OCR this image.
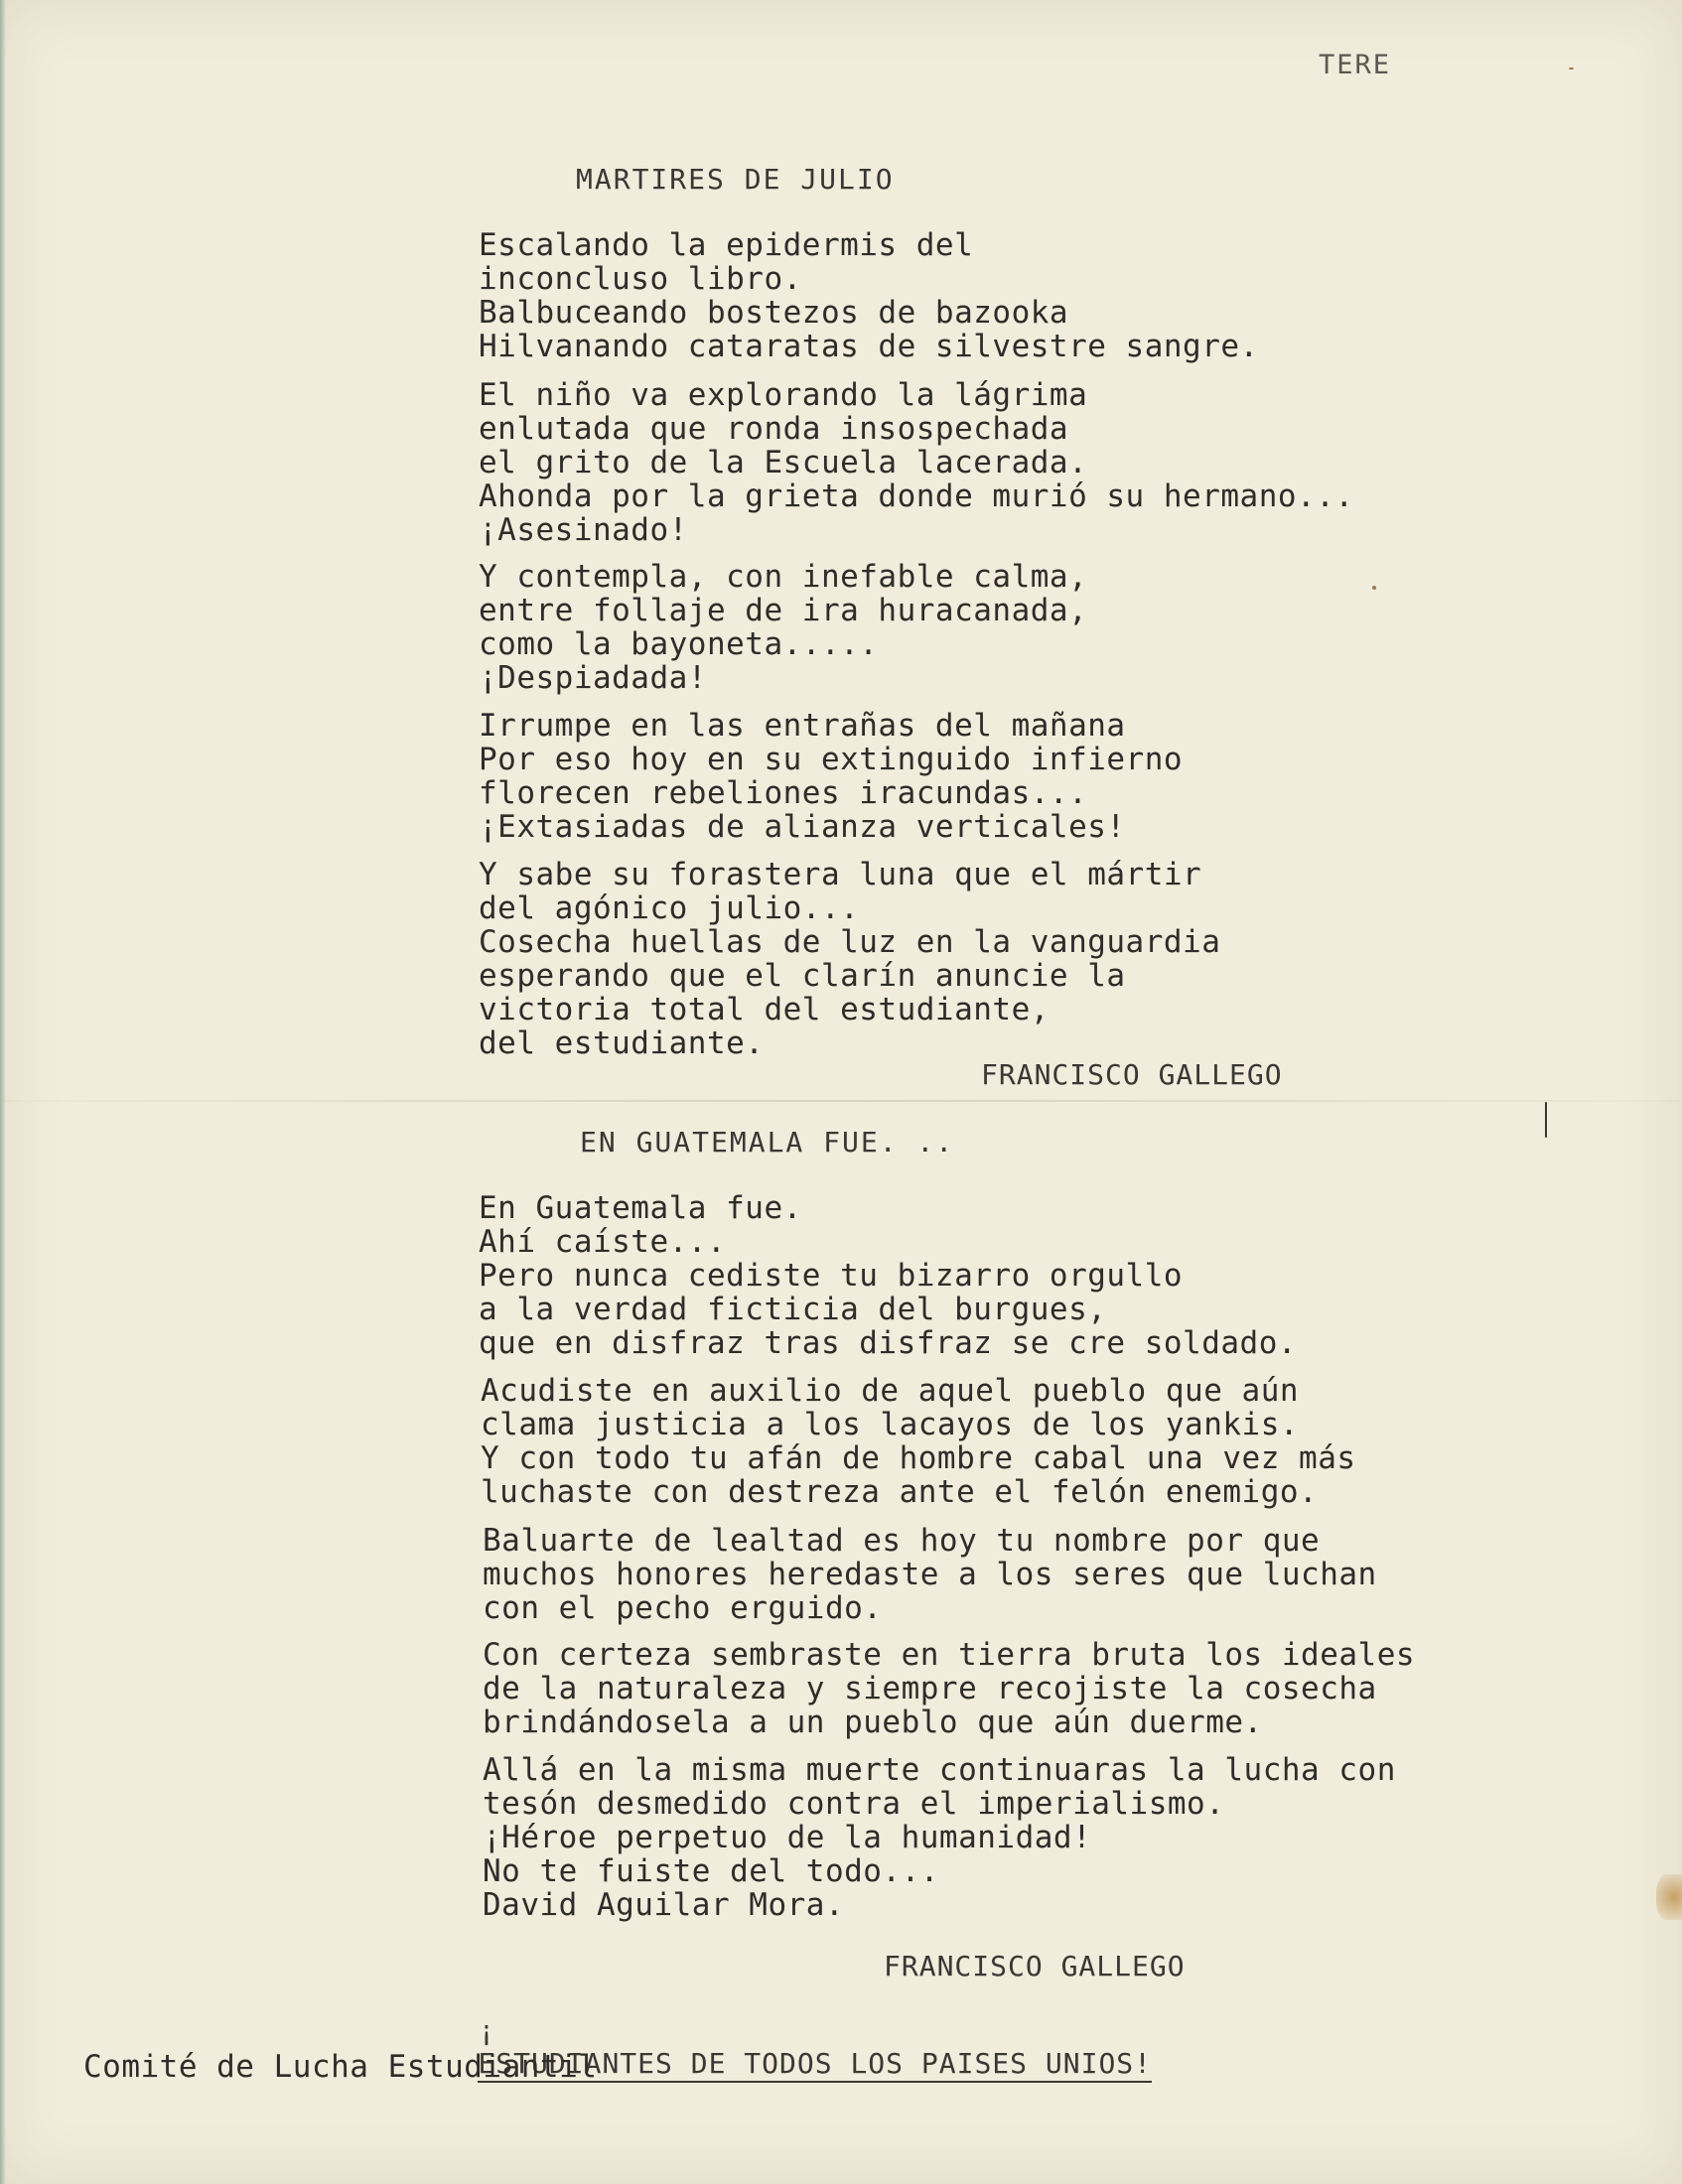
TERE
MARTIRES DE JULIO
Escalando la epidermis del
inconcluso libro.
Balbuceando bostezos de bazooka
Hilvanando cataratas de silvestre sangre.
El niño va explorando la lágrima
enlutada que ronda insospechada
el grito de la Escuela lacerada.
Ahonda por la grieta donde murió su hermano...
¡Asesinado!
Y contempla, con inefable calma,
entre follaje de ira huracanada,
como la bayoneta.....
¡Despiadada!
Irrumpe en las entrañas del mañana
Por eso hoy en su extinguido infierno
florecen rebeliones iracundas...
¡Extasiadas de alianza verticales!
Y sabe su forastera luna que el mártir
del agónico julio...
Cosecha huellas de luz en la vanguardia
esperando que el clarín anuncie la
victoria total del estudiante,
del estudiante.
FRANCISCO GALLEGO
EN GUATEMALA FUE. ..
En Guatemala fue.
Ahí caíste...
Pero nunca cediste tu bizarro orgullo
a la verdad ficticia del burgues,
que en disfraz tras disfraz se cre soldado.
Acudiste en auxilio de aquel pueblo que aún
clama justicia a los lacayos de los yankis.
Y con todo tu afán de hombre cabal una vez más
luchaste con destreza ante el felón enemigo.
Baluarte de lealtad es hoy tu nombre por que
muchos honores heredaste a los seres que luchan
con el pecho erguido.
Con certeza sembraste en tierra bruta los ideales
de la naturaleza y siempre recojiste la cosecha
brindándosela a un pueblo que aún duerme.
Allá en la misma muerte continuaras la lucha con
tesón desmedido contra el imperialismo.
¡Héroe perpetuo de la humanidad!
No te fuiste del todo...
David Aguilar Mora.
FRANCISCO GALLEGO

¡
ESTUDIANTES DE TODOS LOS PAISES UNIOS!

Comité de Lucha Estudiantil
